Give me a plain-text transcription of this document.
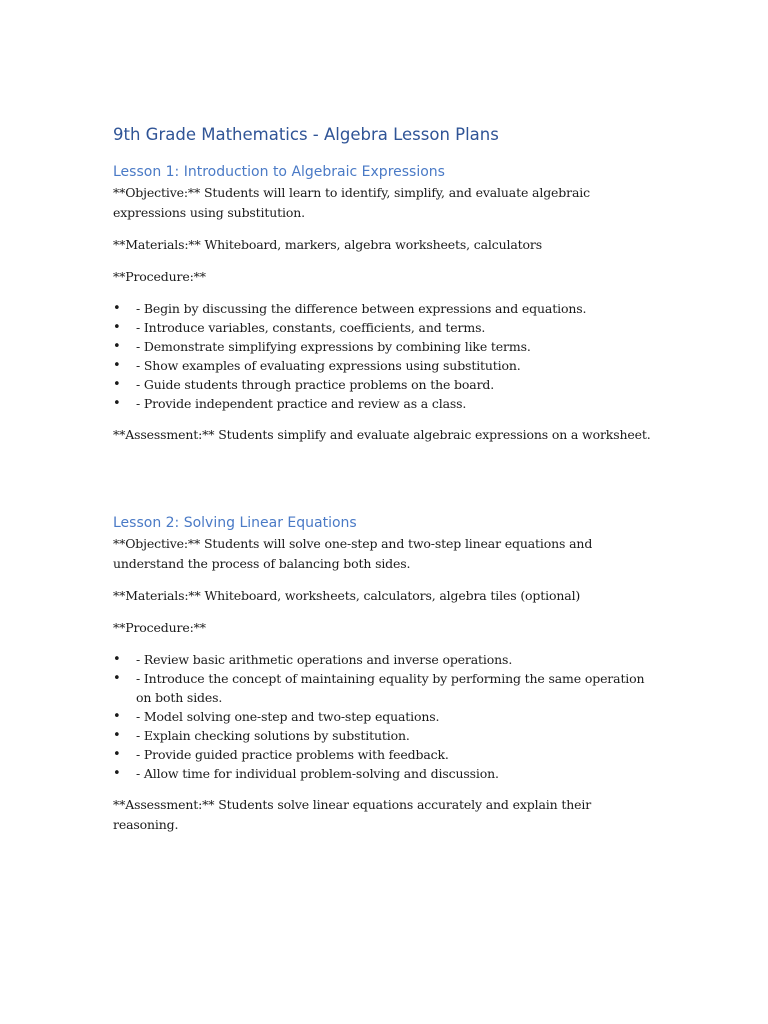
9th Grade Mathematics - Algebra Lesson Plans
Lesson 1: Introduction to Algebraic Expressions

**Objective:** Students will learn to identify, simplify, and evaluate algebraic expressions using substitution.

**Materials:** Whiteboard, markers, algebra worksheets, calculators

**Procedure:**

• - Begin by discussing the difference between expressions and equations.
• - Introduce variables, constants, coefficients, and terms.
• - Demonstrate simplifying expressions by combining like terms.
• - Show examples of evaluating expressions using substitution.
• - Guide students through practice problems on the board.
• - Provide independent practice and review as a class.

**Assessment:** Students simplify and evaluate algebraic expressions on a worksheet.

Lesson 2: Solving Linear Equations

**Objective:** Students will solve one-step and two-step linear equations and understand the process of balancing both sides.

**Materials:** Whiteboard, worksheets, calculators, algebra tiles (optional)

**Procedure:**

• - Review basic arithmetic operations and inverse operations.
• - Introduce the concept of maintaining equality by performing the same operation on both sides.
• - Model solving one-step and two-step equations.
• - Explain checking solutions by substitution.
• - Provide guided practice problems with feedback.
• - Allow time for individual problem-solving and discussion.

**Assessment:** Students solve linear equations accurately and explain their reasoning.
